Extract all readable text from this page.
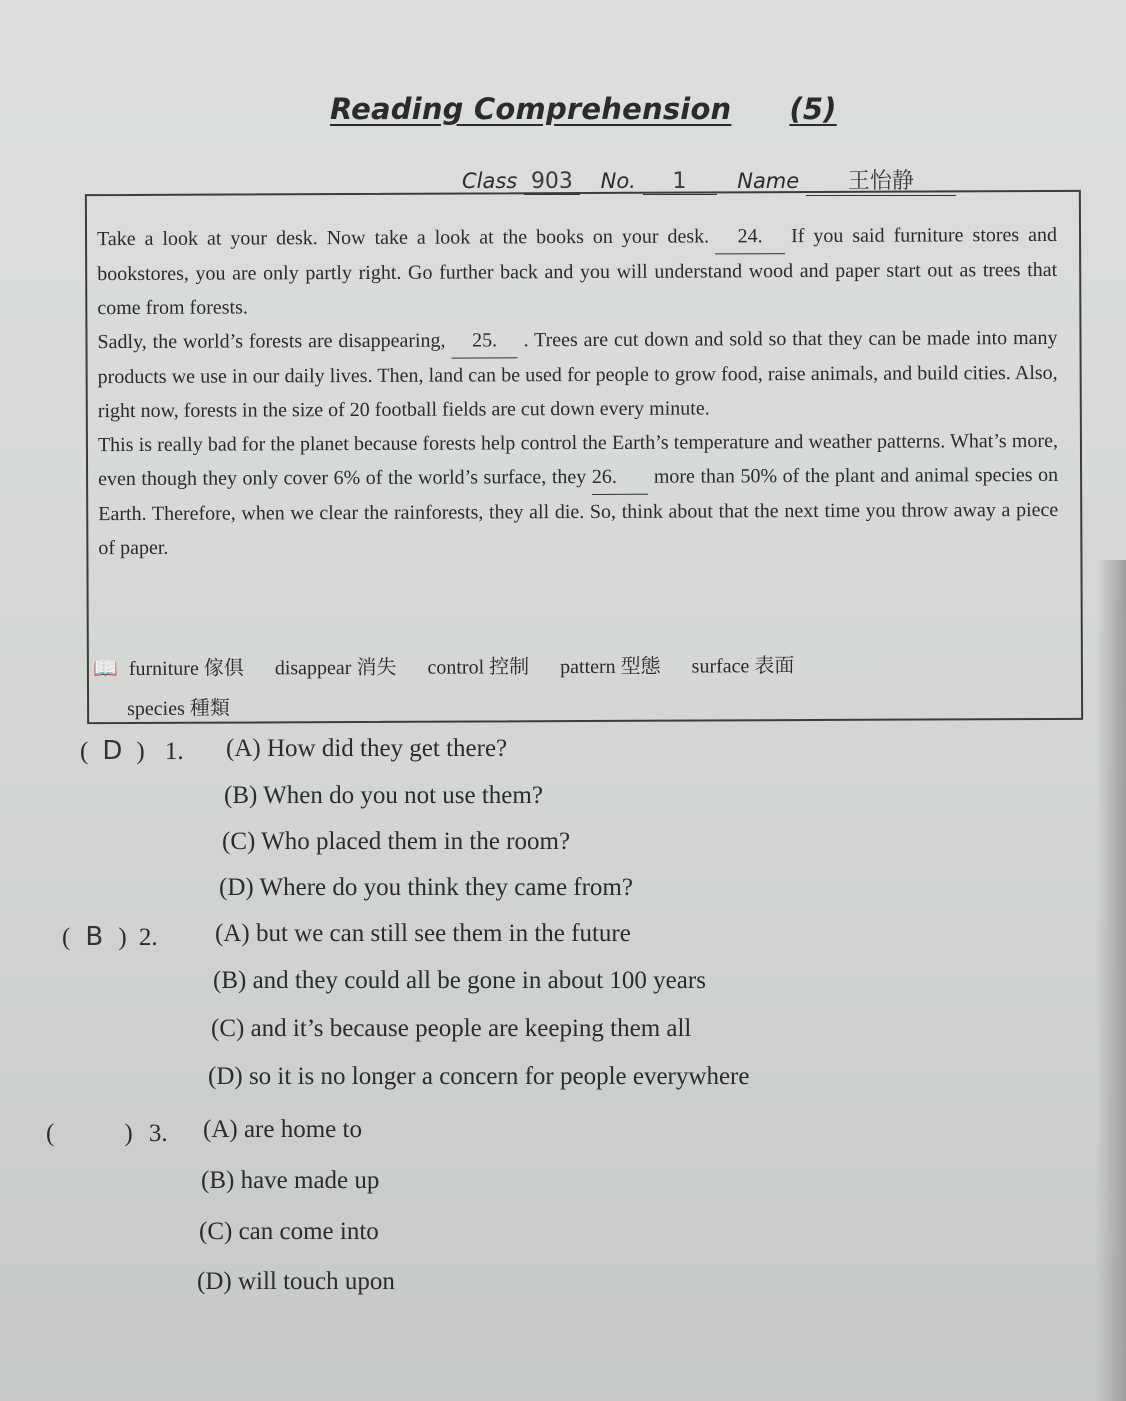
Reading Comprehension (5)
Class 903 No. 1 Name 王怡静

Take a look at your desk. Now take a look at the books on your desk. 24. If you said furniture stores and bookstores, you are only partly right. Go further back and you will understand wood and paper start out as trees that come from forests.

Sadly, the world’s forests are disappearing, 25. . Trees are cut down and sold so that they can be made into many products we use in our daily lives. Then, land can be used for people to grow food, raise animals, and build cities. Also, right now, forests in the size of 20 football fields are cut down every minute.

This is really bad for the planet because forests help control the Earth’s temperature and weather patterns. What’s more, even though they only cover 6% of the world’s surface, they 26. more than 50% of the plant and animal species on Earth. Therefore, when we clear the rainforests, they all die. So, think about that the next time you throw away a piece of paper.

📖 furniture 傢俱 disappear 消失 control 控制 pattern 型態 surface 表面
species 種類
( D ) 1.	(A) How did they get there?
(B) When do you not use them?
(C) Who placed them in the room?
(D) Where do you think they came from?
( B ) 2.	(A) but we can still see them in the future
(B) and they could all be gone in about 100 years
(C) and it’s because people are keeping them all
(D) so it is no longer a concern for people everywhere
(	) 3.	(A) are home to
(B) have made up
(C) can come into
(D) will touch upon
